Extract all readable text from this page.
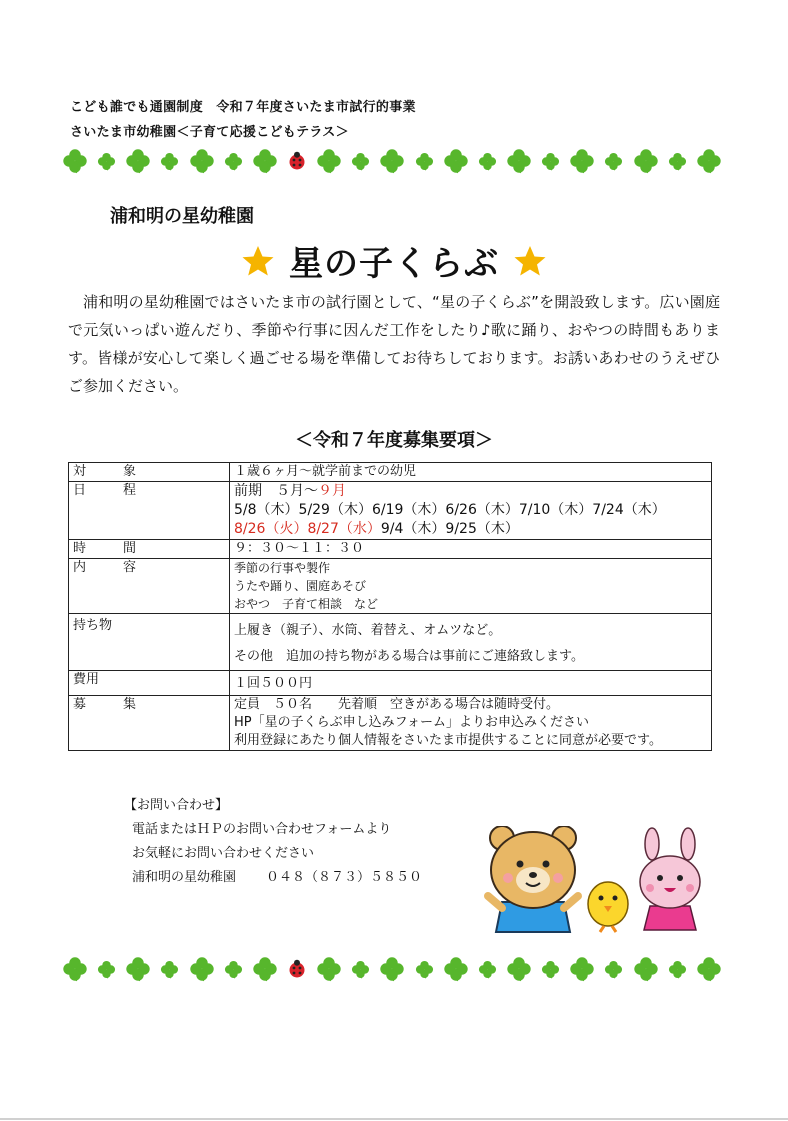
こども誰でも通園制度　令和７年度さいたま市試行的事業
さいたま市幼稚園＜子育て応援こどもテラス＞
浦和明の星幼稚園
星の子くらぶ
浦和明の星幼稚園ではさいたま市の試行園として、“星の子くらぶ”を開設致します。広い園庭で元気いっぱい遊んだり、季節や行事に因んだ工作をしたり♪歌に踊り、おやつの時間もあります。皆様が安心して楽しく過ごせる場を準備してお待ちしております。お誘いあわせのうえぜひご参加ください。
＜令和７年度募集要項＞
対　象	１歳６ヶ月～就学前までの幼児
日　程	前期　５月～９月
5/8（木）5/29（木）6/19（木）6/26（木）7/10（木）7/24（木）
8/26（火）8/27（水）9/4（木）9/25（木）

時　間	９：３０～１１：３０
内　容	季節の行事や製作
うたや踊り、園庭あそび
おやつ　子育て相談　など

持ち物	上履き（親子）、水筒、着替え、オムツなど。
その他　追加の持ち物がある場合は事前にご連絡致します。

費用	１回５００円
募　集	定員　５０名　　先着順　空きがある場合は随時受付。
HP「星の子くらぶ申し込みフォーム」よりお申込みください
利用登録にあたり個人情報をさいたま市提供することに同意が必要です。
【お問い合わせ】
電話またはＨＰのお問い合わせフォームより
お気軽にお問い合わせください
浦和明の星幼稚園 ０４８（８７３）５８５０
